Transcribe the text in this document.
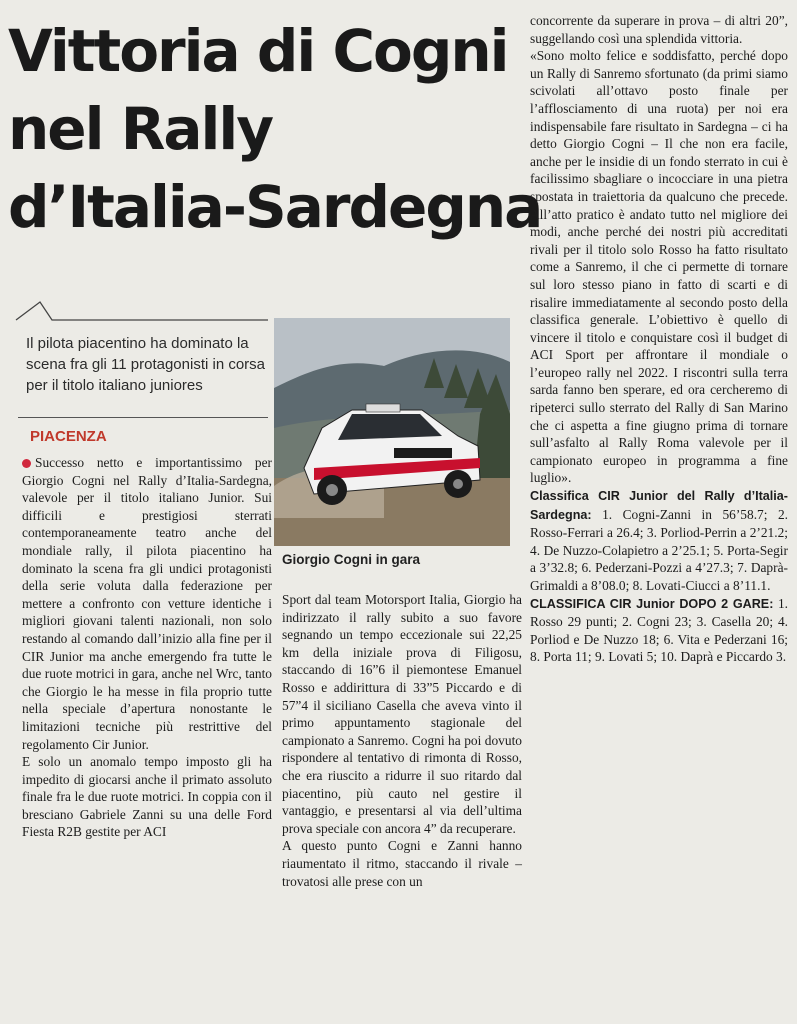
Vittoria di Cogni
nel Rally
d’Italia-Sardegna

Il pilota piacentino ha dominato la scena fra gli 11 protagonisti in corsa per il titolo italiano juniores

PIACENZA

Giorgio Cogni in gara

Successo netto e importantissimo per Giorgio Cogni nel Rally d’Italia-Sardegna, valevole per il titolo italiano Junior. Sui difficili e prestigiosi sterrati contemporaneamente teatro anche del mondiale rally, il pilota piacentino ha dominato la scena fra gli undici protagonisti della serie voluta dalla federazione per mettere a confronto con vetture identiche i migliori giovani talenti nazionali, non solo restando al comando dall’inizio alla fine per il CIR Junior ma anche emergendo fra tutte le due ruote motrici in gara, anche nel Wrc, tanto che Giorgio le ha messe in fila proprio tutte nella speciale d’apertura nonostante le limitazioni tecniche più restrittive del regolamento Cir Junior.

E solo un anomalo tempo imposto gli ha impedito di giocarsi anche il primato assoluto finale fra le due ruote motrici. In coppia con il bresciano Gabriele Zanni su una delle Ford Fiesta R2B gestite per ACI

Sport dal team Motorsport Italia, Giorgio ha indirizzato il rally subito a suo favore segnando un tempo eccezionale sui 22,25 km della iniziale prova di Filigosu, staccando di 16”6 il piemontese Emanuel Rosso e addirittura di 33”5 Piccardo e di 57”4 il siciliano Casella che aveva vinto il primo appuntamento stagionale del campionato a Sanremo. Cogni ha poi dovuto rispondere al tentativo di rimonta di Rosso, che era riuscito a ridurre il suo ritardo dal piacentino, più cauto nel gestire il vantaggio, e presentarsi al via dell’ultima prova speciale con ancora 4” da recuperare.

A questo punto Cogni e Zanni hanno riaumentato il ritmo, staccando il rivale – trovatosi alle prese con un

concorrente da superare in prova – di altri 20”, suggellando così una splendida vittoria.

«Sono molto felice e soddisfatto, perché dopo un Rally di Sanremo sfortunato (da primi siamo scivolati all’ottavo posto finale per l’afflosciamento di una ruota) per noi era indispensabile fare risultato in Sardegna – ci ha detto Giorgio Cogni – Il che non era facile, anche per le insidie di un fondo sterrato in cui è facilissimo sbagliare o incocciare in una pietra spostata in traiettoria da qualcuno che precede. All’atto pratico è andato tutto nel migliore dei modi, anche perché dei nostri più accreditati rivali per il titolo solo Rosso ha fatto risultato come a Sanremo, il che ci permette di tornare sul loro stesso piano in fatto di scarti e di risalire immediatamente al secondo posto della classifica generale. L’obiettivo è quello di vincere il titolo e conquistare così il budget di ACI Sport per affrontare il mondiale o l’europeo rally nel 2022. I riscontri sulla terra sarda fanno ben sperare, ed ora cercheremo di ripeterci sullo sterrato del Rally di San Marino che ci aspetta a fine giugno prima di tornare sull’asfalto al Rally Roma valevole per il campionato europeo in programma a fine luglio».

Classifica CIR Junior del Rally d’Italia-Sardegna: 1. Cogni-Zanni in 56’58.7; 2. Rosso-Ferrari a 26.4; 3. Porliod-Perrin a 2’21.2; 4. De Nuzzo-Colapietro a 2’25.1; 5. Porta-Segir a 3’32.8; 6. Pederzani-Pozzi a 4’27.3; 7. Daprà-Grimaldi a 8’08.0; 8. Lovati-Ciucci a 8’11.1.

CLASSIFICA CIR Junior DOPO 2 GARE: 1. Rosso 29 punti; 2. Cogni 23; 3. Casella 20; 4. Porliod e De Nuzzo 18; 6. Vita e Pederzani 16; 8. Porta 11; 9. Lovati 5; 10. Daprà e Piccardo 3.
